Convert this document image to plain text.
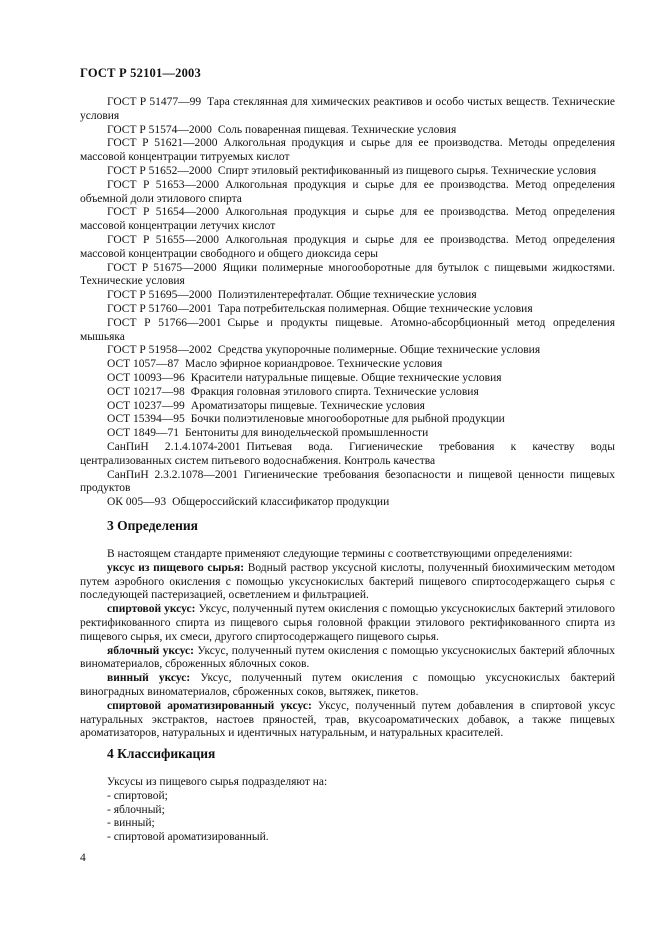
ГОСТ Р 52101—2003

ГОСТ Р 51477—99 Тара стеклянная для химических реактивов и особо чистых веществ. Технические условия

ГОСТ Р 51574—2000 Соль поваренная пищевая. Технические условия

ГОСТ Р 51621—2000 Алкогольная продукция и сырье для ее производства. Методы определения массовой концентрации титруемых кислот

ГОСТ Р 51652—2000 Спирт этиловый ректификованный из пищевого сырья. Технические условия

ГОСТ Р 51653—2000 Алкогольная продукция и сырье для ее производства. Метод определения объемной доли этилового спирта

ГОСТ Р 51654—2000 Алкогольная продукция и сырье для ее производства. Метод определения массовой концентрации летучих кислот

ГОСТ Р 51655—2000 Алкогольная продукция и сырье для ее производства. Метод определения массовой концентрации свободного и общего диоксида серы

ГОСТ Р 51675—2000 Ящики полимерные многооборотные для бутылок с пищевыми жидкостями. Технические условия

ГОСТ Р 51695—2000 Полиэтилентерефталат. Общие технические условия

ГОСТ Р 51760—2001 Тара потребительская полимерная. Общие технические условия

ГОСТ Р 51766—2001 Сырье и продукты пищевые. Атомно-абсорбционный метод определения мышьяка

ГОСТ Р 51958—2002 Средства укупорочные полимерные. Общие технические условия

ОСТ 1057—87 Масло эфирное кориандровое. Технические условия

ОСТ 10093—96 Красители натуральные пищевые. Общие технические условия

ОСТ 10217—98 Фракция головная этилового спирта. Технические условия

ОСТ 10237—99 Ароматизаторы пищевые. Технические условия

ОСТ 15394—95 Бочки полиэтиленовые многооборотные для рыбной продукции

ОСТ 1849—71 Бентониты для винодельческой промышленности

СанПиН 2.1.4.1074-2001 Питьевая вода. Гигиенические требования к качеству воды централизованных систем питьевого водоснабжения. Контроль качества

СанПиН 2.3.2.1078—2001 Гигиенические требования безопасности и пищевой ценности пищевых продуктов

ОК 005—93 Общероссийский классификатор продукции

3 Определения

В настоящем стандарте применяют следующие термины с соответствующими определениями:

уксус из пищевого сырья: Водный раствор уксусной кислоты, полученный биохимическим методом путем аэробного окисления с помощью уксуснокислых бактерий пищевого спиртосодержащего сырья с последующей пастеризацией, осветлением и фильтрацией.

спиртовой уксус: Уксус, полученный путем окисления с помощью уксуснокислых бактерий этилового ректификованного спирта из пищевого сырья головной фракции этилового ректификованного спирта из пищевого сырья, их смеси, другого спиртосодержащего пищевого сырья.

яблочный уксус: Уксус, полученный путем окисления с помощью уксуснокислых бактерий яблочных виноматериалов, сброженных яблочных соков.

винный уксус: Уксус, полученный путем окисления с помощью уксуснокислых бактерий виноградных виноматериалов, сброженных соков, вытяжек, пикетов.

спиртовой ароматизированный уксус: Уксус, полученный путем добавления в спиртовой уксус натуральных экстрактов, настоев пряностей, трав, вкусоароматических добавок, а также пищевых ароматизаторов, натуральных и идентичных натуральным, и натуральных красителей.

4 Классификация

Уксусы из пищевого сырья подразделяют на:

- спиртовой;
- яблочный;
- винный;
- спиртовой ароматизированный.
4
